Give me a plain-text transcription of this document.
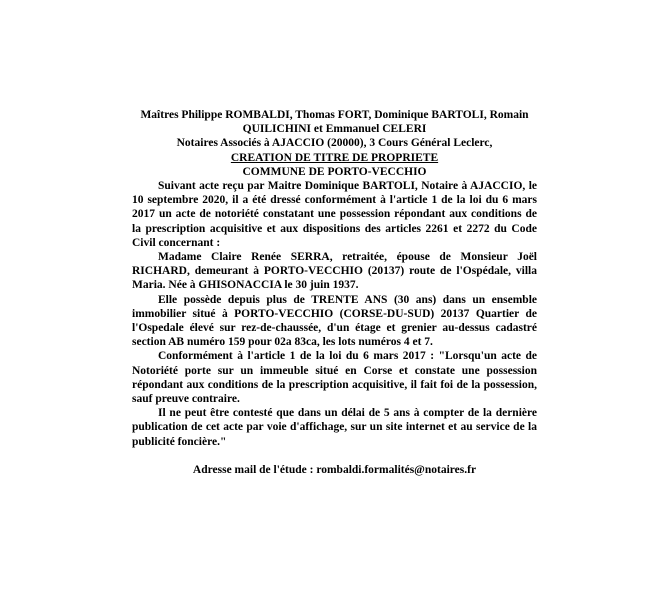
Maîtres Philippe ROMBALDI, Thomas FORT, Dominique BARTOLI, Romain
QUILICHINI et Emmanuel CELERI
Notaires Associés à AJACCIO (20000), 3 Cours Général Leclerc,
CREATION DE TITRE DE PROPRIETE
COMMUNE DE PORTO-VECCHIO

Suivant acte reçu par Maitre Dominique BARTOLI, Notaire à AJACCIO, le 10 septembre 2020, il a été dressé conformément à l'article 1 de la loi du 6 mars 2017 un acte de notoriété constatant une possession répondant aux conditions de la prescription acquisitive et aux dispositions des articles 2261 et 2272 du Code Civil concernant :

Madame Claire Renée SERRA, retraitée, épouse de Monsieur Joël RICHARD, demeurant à PORTO-VECCHIO (20137) route de l'Ospédale, villa Maria. Née à GHISONACCIA le 30 juin 1937.

Elle possède depuis plus de TRENTE ANS (30 ans) dans un ensemble immobilier situé à PORTO-VECCHIO (CORSE-DU-SUD) 20137 Quartier de l'Ospedale élevé sur rez-de-chaussée, d'un étage et grenier au-dessus cadastré section AB numéro 159 pour 02a 83ca, les lots numéros 4 et 7.

Conformément à l'article 1 de la loi du 6 mars 2017 : "Lorsqu'un acte de Notoriété porte sur un immeuble situé en Corse et constate une possession répondant aux conditions de la prescription acquisitive, il fait foi de la possession, sauf preuve contraire.

Il ne peut être contesté que dans un délai de 5 ans à compter de la dernière publication de cet acte par voie d'affichage, sur un site internet et au service de la publicité foncière."

Adresse mail de l'étude : rombaldi.formalités@notaires.fr
